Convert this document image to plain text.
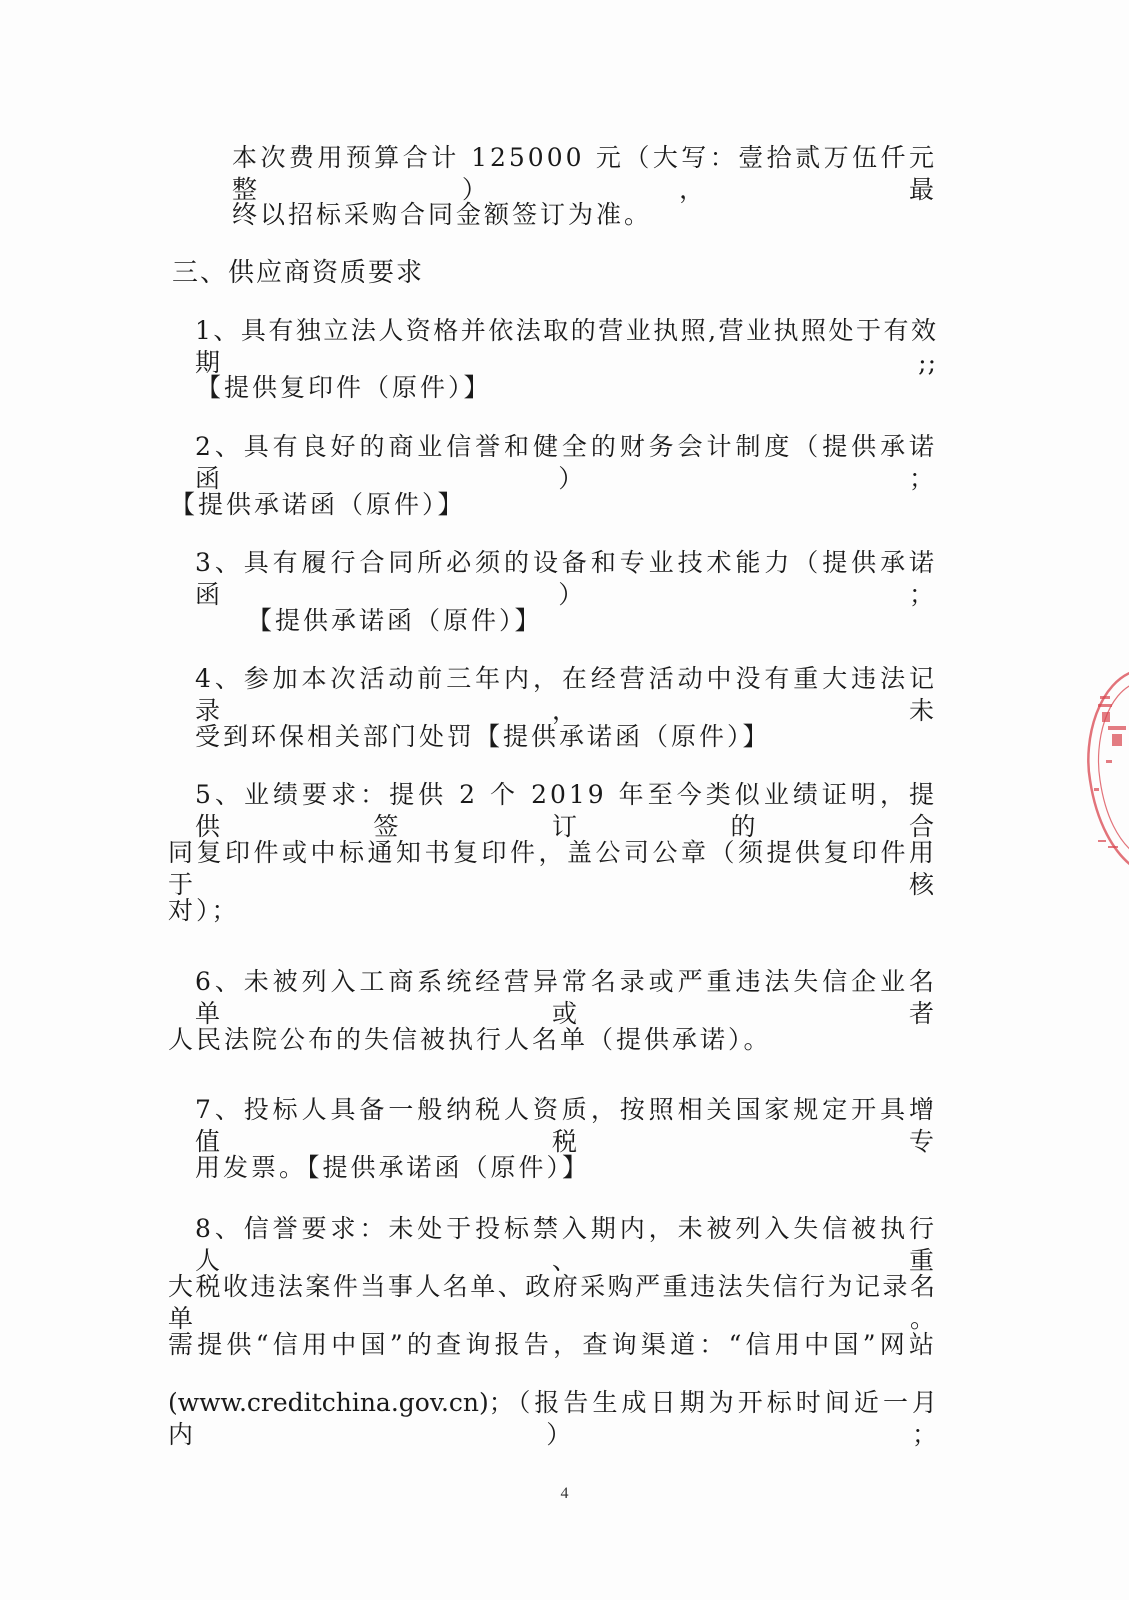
本次费用预算合计 125000 元（大写：壹拾贰万伍仟元整），最
终以招标采购合同金额签订为准。
三、供应商资质要求
1、具有独立法人资格并依法取的营业执照,营业执照处于有效期;;
【提供复印件（原件）】
2、具有良好的商业信誉和健全的财务会计制度（提供承诺函）；
【提供承诺函（原件）】
3、具有履行合同所必须的设备和专业技术能力（提供承诺函）；
【提供承诺函（原件）】
4、参加本次活动前三年内，在经营活动中没有重大违法记录，未
受到环保相关部门处罚【提供承诺函（原件）】
5、业绩要求：提供 2 个 2019 年至今类似业绩证明，提供签订的合
同复印件或中标通知书复印件，盖公司公章（须提供复印件用于核
对）；
6、未被列入工商系统经营异常名录或严重违法失信企业名单或者
人民法院公布的失信被执行人名单（提供承诺）。
7、投标人具备一般纳税人资质，按照相关国家规定开具增值税专
用发票。【提供承诺函（原件）】
8、信誉要求：未处于投标禁入期内，未被列入失信被执行人、重
大税收违法案件当事人名单、政府采购严重违法失信行为记录名单。
需提供“信用中国”的查询报告，查询渠道：“信用中国”网站
(www.creditchina.gov.cn)；（报告生成日期为开标时间近一月内）；
4
